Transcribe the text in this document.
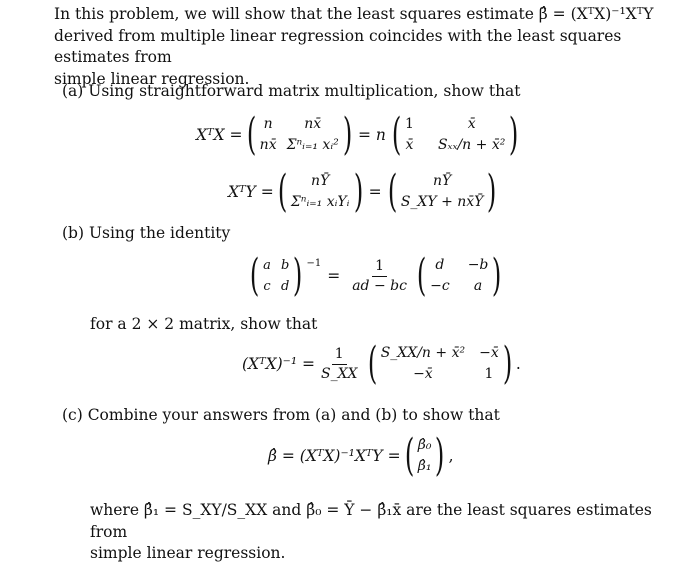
In this problem, we will show that the least squares estimate β̂ = (XᵀX)⁻¹XᵀY
derived from multiple linear regression coincides with the least squares estimates from
simple linear regression.
(a) Using straightforward matrix multiplication, show that
XᵀX = ( n	nx̄
nx̄ Σⁿᵢ₌₁ xᵢ² ) = n ( 1	x̄
x̄ Sₓₓ/n + x̄² )
XᵀY = (	nȲ
Σⁿᵢ₌₁ xᵢYᵢ ) = (	nȲ
S_XY + nx̄Ȳ )
(b) Using the identity
( a b
c d ) $^{-1}$
= $\frac{1}{ad - bc}$ ( d	−b
−c	a )
for a 2 × 2 matrix, show that
(XᵀX)⁻¹ = $\frac{1}{S\_XX}$ ( S_XX/n + x̄² −x̄
−x̄	1 ) .
(c) Combine your answers from (a) and (b) to show that
β̂ = (XᵀX)⁻¹XᵀY = ( β̂₀
β̂₁ ) ,
where β̂₁ = S_XY/S_XX and β̂₀ = Ȳ − β̂₁x̄ are the least squares estimates from
simple linear regression.
